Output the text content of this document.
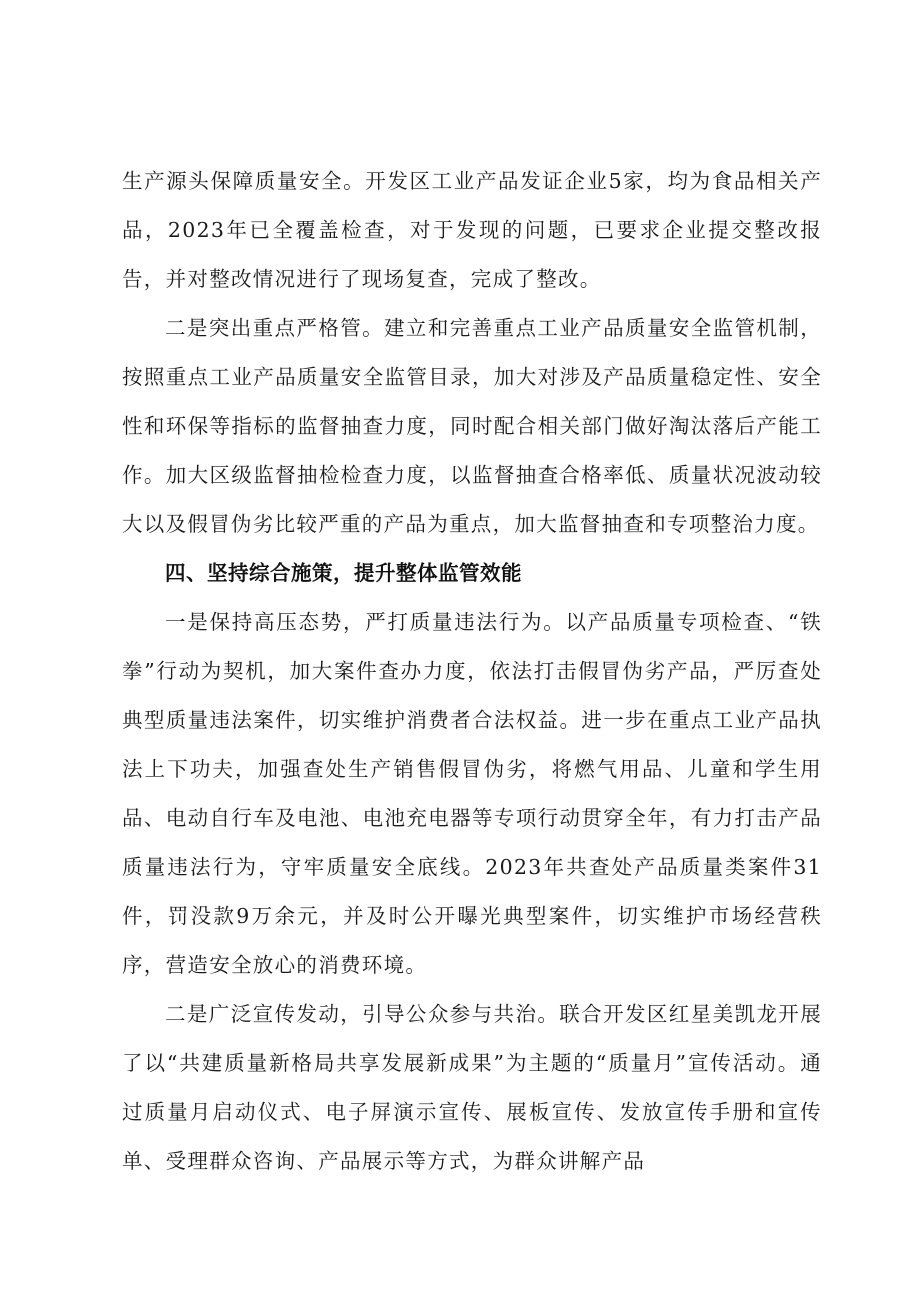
生产源头保障质量安全。开发区工业产品发证企业5家，均为食品相关产品，2023年已全覆盖检查，对于发现的问题，已要求企业提交整改报告，并对整改情况进行了现场复查，完成了整改。

二是突出重点严格管。建立和完善重点工业产品质量安全监管机制，按照重点工业产品质量安全监管目录，加大对涉及产品质量稳定性、安全性和环保等指标的监督抽查力度，同时配合相关部门做好淘汰落后产能工作。加大区级监督抽检检查力度，以监督抽查合格率低、质量状况波动较大以及假冒伪劣比较严重的产品为重点，加大监督抽查和专项整治力度。

四、坚持综合施策，提升整体监管效能

一是保持高压态势，严打质量违法行为。以产品质量专项检查、“铁拳”行动为契机，加大案件查办力度，依法打击假冒伪劣产品，严厉查处典型质量违法案件，切实维护消费者合法权益。进一步在重点工业产品执法上下功夫，加强查处生产销售假冒伪劣，将燃气用品、儿童和学生用品、电动自行车及电池、电池充电器等专项行动贯穿全年，有力打击产品质量违法行为，守牢质量安全底线。2023年共查处产品质量类案件31件，罚没款9万余元，并及时公开曝光典型案件，切实维护市场经营秩序，营造安全放心的消费环境。

二是广泛宣传发动，引导公众参与共治。联合开发区红星美凯龙开展了以“共建质量新格局共享发展新成果”为主题的“质量月”宣传活动。通过质量月启动仪式、电子屏演示宣传、展板宣传、发放宣传手册和宣传单、受理群众咨询、产品展示等方式，为群众讲解产品
